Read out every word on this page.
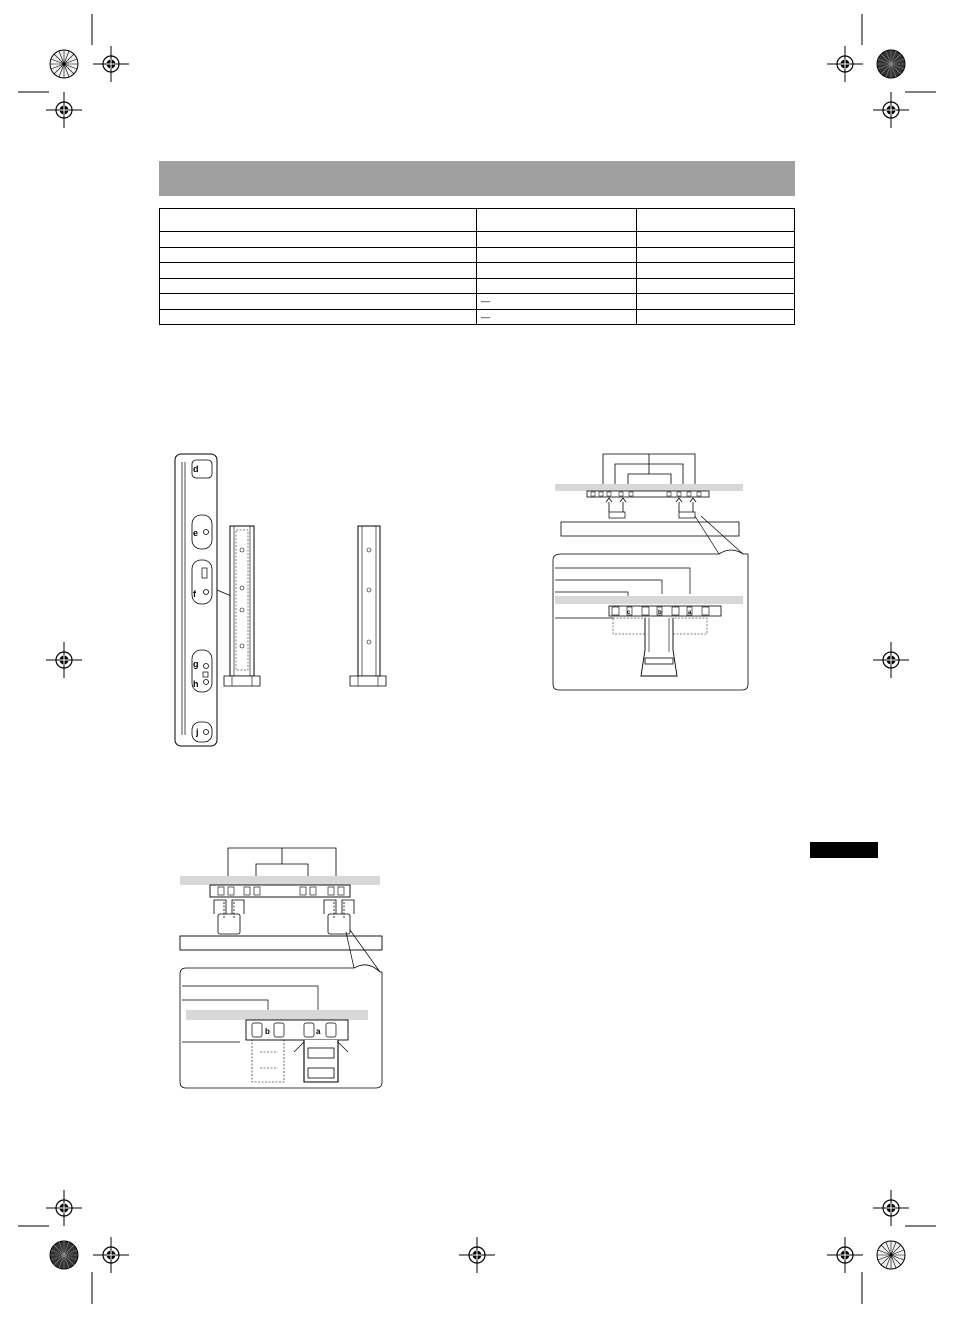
	—	
	—	
d
e
f
g
h
j
c	b	a
b	a
